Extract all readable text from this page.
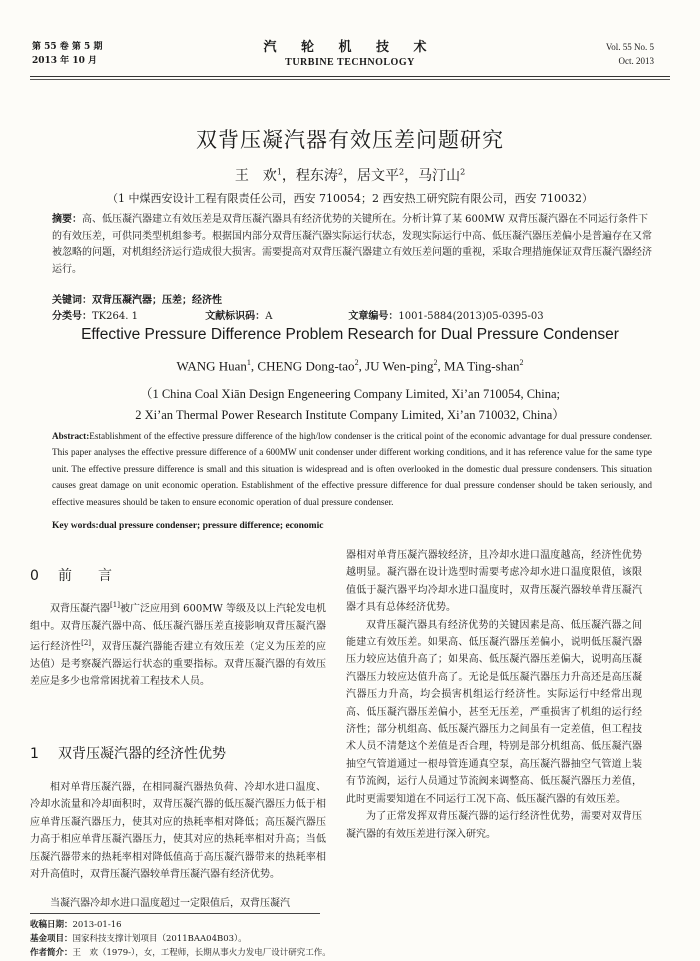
第 55 卷 第 5 期
2013 年 10 月
汽 轮 机 技 术
TURBINE TECHNOLOGY
Vol. 55 No. 5
Oct. 2013
双背压凝汽器有效压差问题研究
王　欢$^1$，程东涛$^2$，居文平$^2$，马汀山$^2$
（1 中煤西安设计工程有限责任公司，西安 710054；2 西安热工研究院有限公司，西安 710032）
摘要：高、低压凝汽器建立有效压差是双背压凝汽器具有经济优势的关键所在。分析计算了某 600MW 双背压凝汽器在不同运行条件下的有效压差，可供同类型机组参考。根据国内部分双背压凝汽器实际运行状态，发现实际运行中高、低压凝汽器压差偏小是普遍存在又常被忽略的问题，对机组经济运行造成很大损害。需要提高对双背压凝汽器建立有效压差问题的重视，采取合理措施保证双背压凝汽器经济运行。
关键词：双背压凝汽器；压差；经济性
分类号：TK264. 1	文献标识码：A	文章编号：1001-5884(2013)05-0395-03
Effective Pressure Difference Problem Research for Dual Pressure Condenser
WANG Huan$^1$, CHENG Dong-tao$^2$, JU Wen-ping$^2$, MA Ting-shan$^2$
（1 China Coal Xiān Design Engeneering Company Limited, Xi’an 710054, China;
2 Xi’an Thermal Power Research Institute Company Limited, Xi’an 710032, China）
Abstract:Establishment of the effective pressure difference of the high/low condenser is the critical point of the economic advantage for dual pressure condenser. This paper analyses the effective pressure difference of a 600MW unit condenser under different working conditions, and it has reference value for the same type unit. The effective pressure difference is small and this situation is widespread and is often overlooked in the domestic dual pressure condensers. This situation causes great damage on unit economic operation. Establishment of the effective pressure difference for dual pressure condenser should be taken seriously, and effective measures should be taken to ensure economic operation of dual pressure condenser.
Key words:dual pressure condenser; pressure difference; economic
0 前　言

双背压凝汽器[1]被广泛应用到 600MW 等级及以上汽轮发电机组中。双背压凝汽器中高、低压凝汽器压差直接影响双背压凝汽器运行经济性[2]，双背压凝汽器能否建立有效压差（定义为压差的应达值）是考察凝汽器运行状态的重要指标。双背压凝汽器的有效压差应是多少也常常困扰着工程技术人员。

1 双背压凝汽器的经济性优势

相对单背压凝汽器，在相同凝汽器热负荷、冷却水进口温度、冷却水流量和冷却面积时，双背压凝汽器的低压凝汽器压力低于相应单背压凝汽器压力，使其对应的热耗率相对降低；高压凝汽器压力高于相应单背压凝汽器压力，使其对应的热耗率相对升高；当低压凝汽器带来的热耗率相对降低值高于高压凝汽器带来的热耗率相对升高值时，双背压凝汽器较单背压凝汽器有经济优势。

当凝汽器冷却水进口温度超过一定限值后，双背压凝汽

器相对单背压凝汽器较经济，且冷却水进口温度越高，经济性优势越明显。凝汽器在设计选型时需要考虑冷却水进口温度限值，该限值低于凝汽器平均冷却水进口温度时，双背压凝汽器较单背压凝汽器才具有总体经济优势。

双背压凝汽器具有经济优势的关键因素是高、低压凝汽器之间能建立有效压差。如果高、低压凝汽器压差偏小，说明低压凝汽器压力较应达值升高了；如果高、低压凝汽器压差偏大，说明高压凝汽器压力较应达值升高了。无论是低压凝汽器压力升高还是高压凝汽器压力升高，均会损害机组运行经济性。实际运行中经常出现高、低压凝汽器压差偏小，甚至无压差，严重损害了机组的运行经济性；部分机组高、低压凝汽器压力之间虽有一定差值，但工程技术人员不清楚这个差值是否合理，特别是部分机组高、低压凝汽器抽空气管道通过一根母管连通真空泵，高压凝汽器抽空气管道上装有节流阀，运行人员通过节流阀来调整高、低压凝汽器压力差值，此时更需要知道在不同运行工况下高、低压凝汽器的有效压差。

为了正常发挥双背压凝汽器的运行经济性优势，需要对双背压凝汽器的有效压差进行深入研究。

收稿日期：2013-01-16
基金项目：国家科技支撑计划项目（2011BAA04B03）。
作者简介：王　欢（1979-），女，工程师，长期从事火力发电厂设计研究工作。
